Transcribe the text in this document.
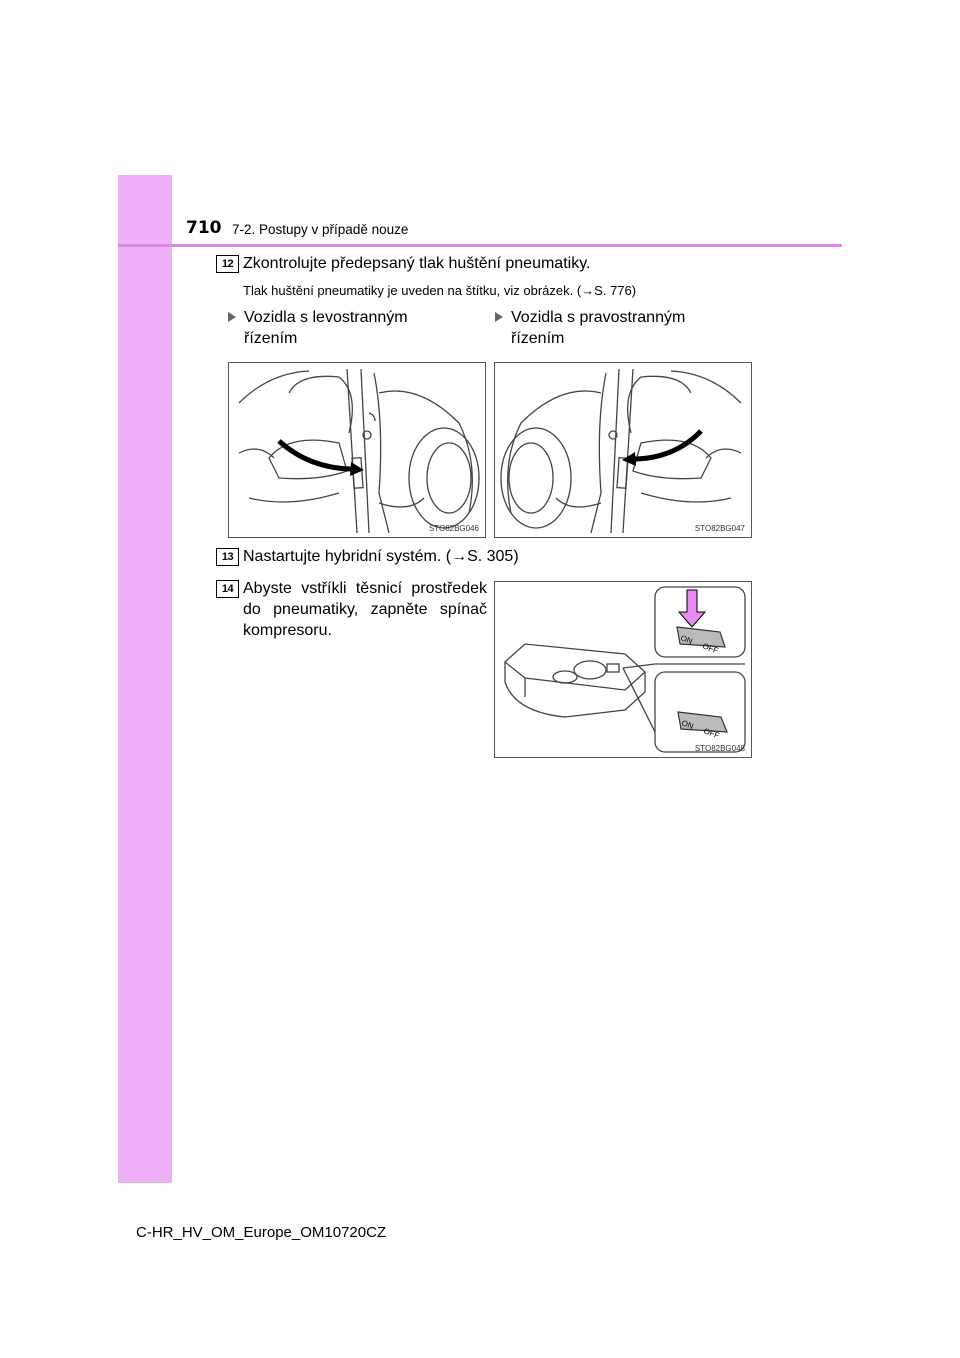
710 7-2. Postupy v případě nouze
12 Zkontrolujte předepsaný tlak huštění pneumatiky.
Tlak huštění pneumatiky je uveden na štítku, viz obrázek. (→S. 776)
Vozidla s levostranným řízením
Vozidla s pravostranným řízením
STO82BG046	STO82BG047
13 Nastartujte hybridní systém. (→S. 305)
14 Abyste vstříkli těsnicí prostředek do pneumatiky, zapněte spínač kompresoru.
ON
OFF
ON
OFF
STO82BG048
C-HR_HV_OM_Europe_OM10720CZ
